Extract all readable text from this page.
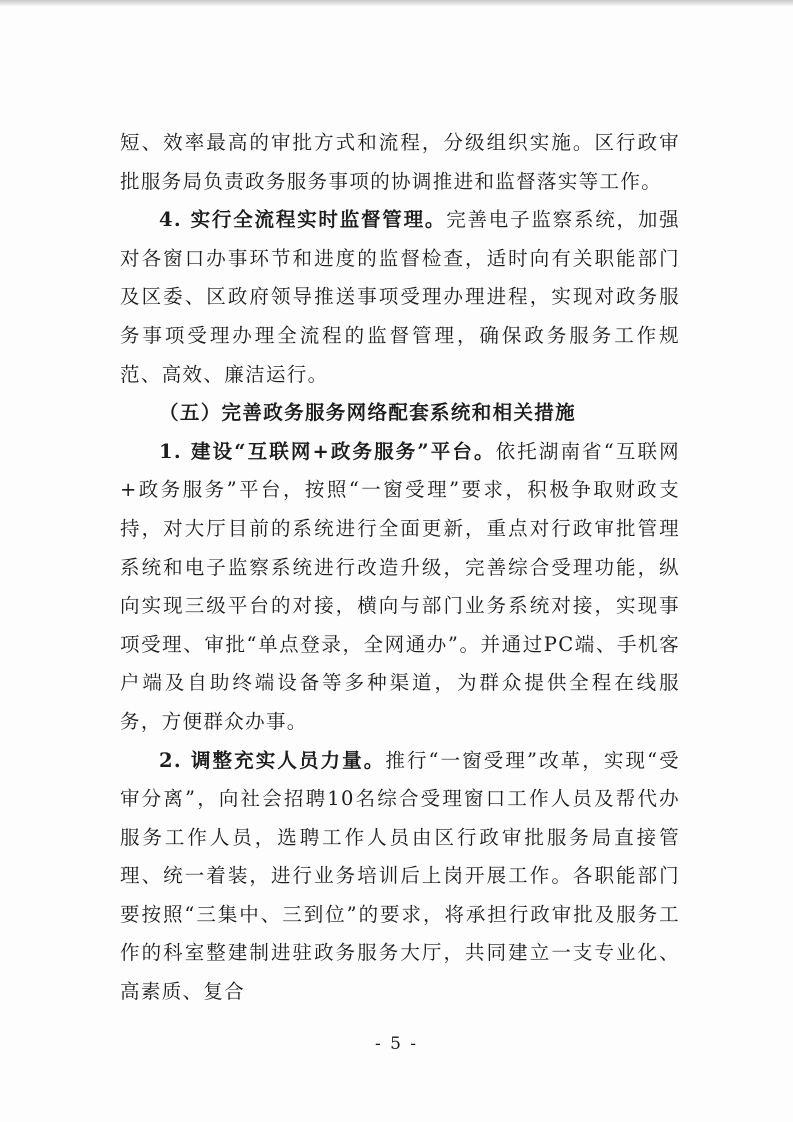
短、效率最高的审批方式和流程，分级组织实施。区行政审批服务局负责政务服务事项的协调推进和监督落实等工作。

4. 实行全流程实时监督管理。完善电子监察系统，加强对各窗口办事环节和进度的监督检查，适时向有关职能部门及区委、区政府领导推送事项受理办理进程，实现对政务服务事项受理办理全流程的监督管理，确保政务服务工作规范、高效、廉洁运行。

（五）完善政务服务网络配套系统和相关措施

1. 建设“互联网+政务服务”平台。依托湖南省“互联网+政务服务”平台，按照“一窗受理”要求，积极争取财政支持，对大厅目前的系统进行全面更新，重点对行政审批管理系统和电子监察系统进行改造升级，完善综合受理功能，纵向实现三级平台的对接，横向与部门业务系统对接，实现事项受理、审批“单点登录，全网通办”。并通过PC端、手机客户端及自助终端设备等多种渠道，为群众提供全程在线服务，方便群众办事。

2. 调整充实人员力量。推行“一窗受理”改革，实现“受审分离”，向社会招聘10名综合受理窗口工作人员及帮代办服务工作人员，选聘工作人员由区行政审批服务局直接管理、统一着装，进行业务培训后上岗开展工作。各职能部门要按照“三集中、三到位”的要求，将承担行政审批及服务工作的科室整建制进驻政务服务大厅，共同建立一支专业化、高素质、复合

- 5 -
